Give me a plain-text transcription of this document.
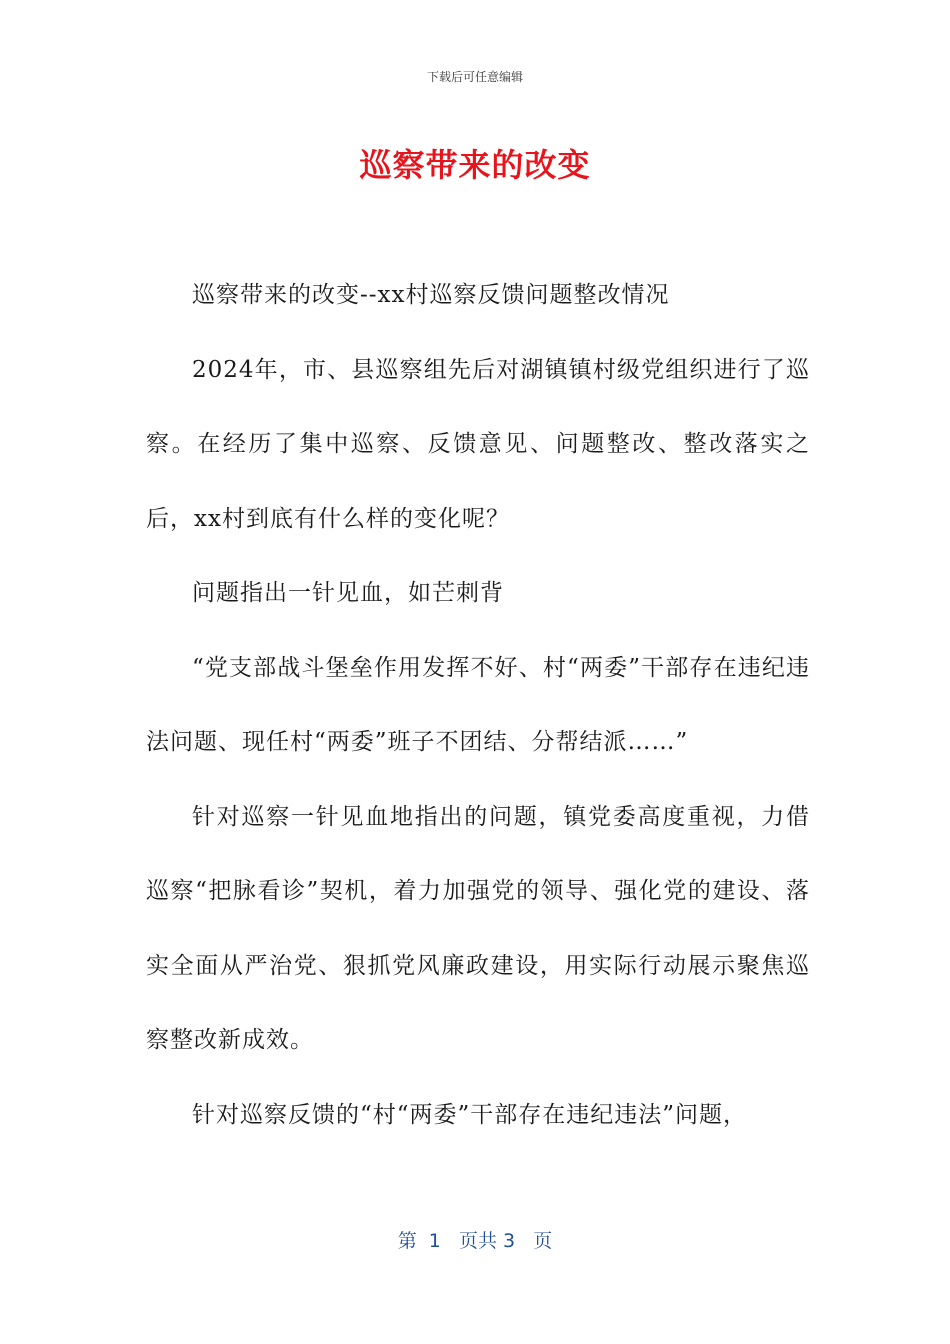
下载后可任意编辑
巡察带来的改变

巡察带来的改变--xx村巡察反馈问题整改情况

2024年，市、县巡察组先后对湖镇镇村级党组织进行了巡察。在经历了集中巡察、反馈意见、问题整改、整改落实之后，xx村到底有什么样的变化呢？

问题指出一针见血，如芒刺背

“党支部战斗堡垒作用发挥不好、村“两委”干部存在违纪违法问题、现任村“两委”班子不团结、分帮结派……”

针对巡察一针见血地指出的问题，镇党委高度重视，力借巡察“把脉看诊”契机，着力加强党的领导、强化党的建设、落实全面从严治党、狠抓党风廉政建设，用实际行动展示聚焦巡察整改新成效。

针对巡察反馈的“村“两委”干部存在违纪违法”问题，

第  1   页共 3   页
